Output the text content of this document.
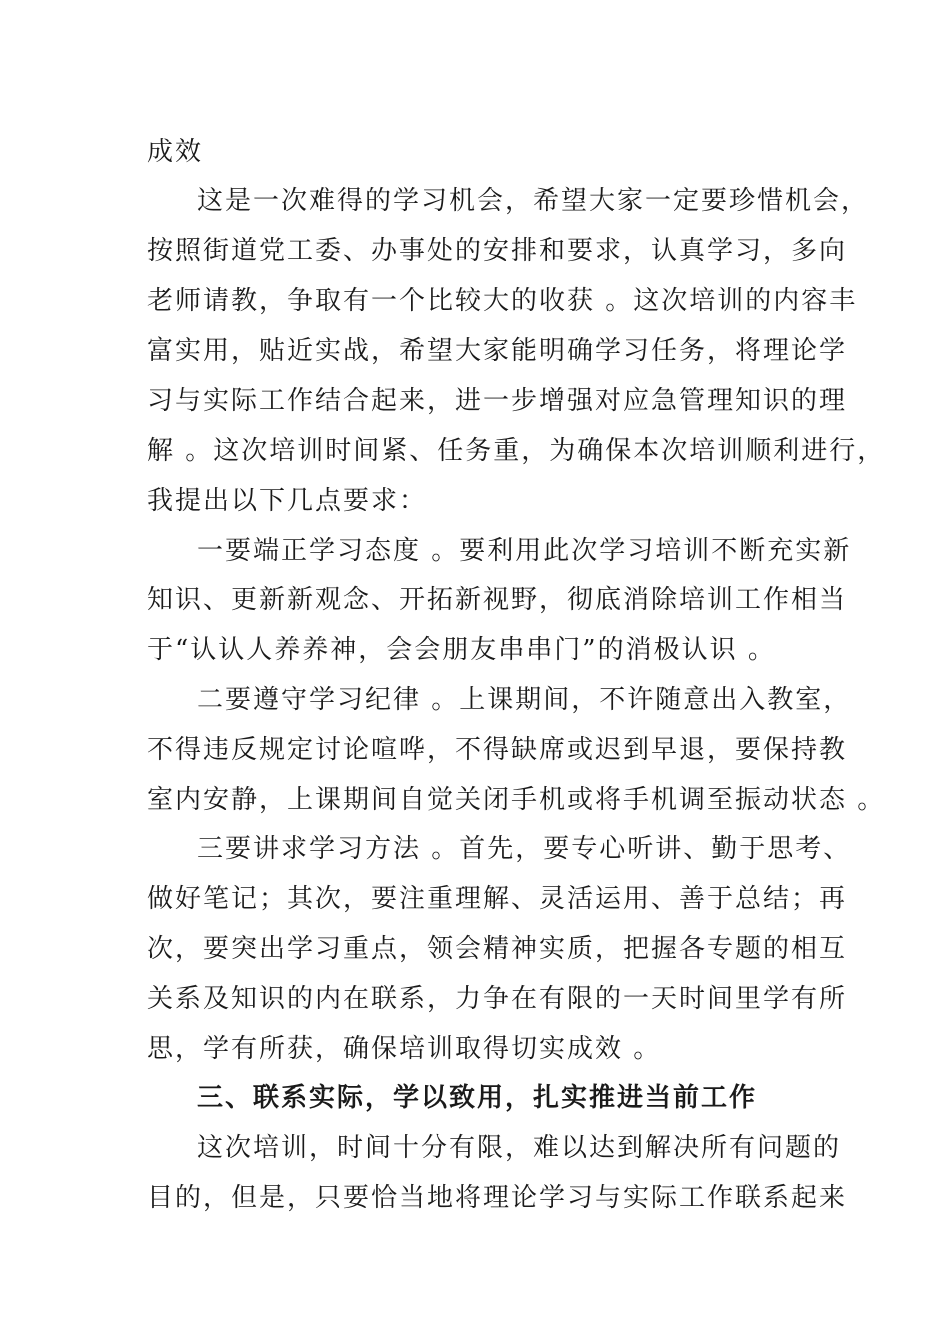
成效
这是一次难得的学习机会，希望大家一定要珍惜机会，
按照街道党工委、办事处的安排和要求，认真学习，多向
老师请教，争取有一个比较大的收获 。这次培训的内容丰
富实用，贴近实战，希望大家能明确学习任务，将理论学
习与实际工作结合起来，进一步增强对应急管理知识的理
解 。这次培训时间紧、任务重，为确保本次培训顺利进行，
我提出以下几点要求：
一要端正学习态度 。要利用此次学习培训不断充实新
知识、更新新观念、开拓新视野，彻底消除培训工作相当
于“认认人养养神，会会朋友串串门”的消极认识 。
二要遵守学习纪律 。上课期间，不许随意出入教室，
不得违反规定讨论喧哗，不得缺席或迟到早退，要保持教
室内安静，上课期间自觉关闭手机或将手机调至振动状态 。
三要讲求学习方法 。首先，要专心听讲、勤于思考、
做好笔记；其次，要注重理解、灵活运用、善于总结；再
次，要突出学习重点，领会精神实质，把握各专题的相互
关系及知识的内在联系，力争在有限的一天时间里学有所
思，学有所获，确保培训取得切实成效 。
三、联系实际，学以致用，扎实推进当前工作
这次培训，时间十分有限，难以达到解决所有问题的
目的，但是，只要恰当地将理论学习与实际工作联系起来
